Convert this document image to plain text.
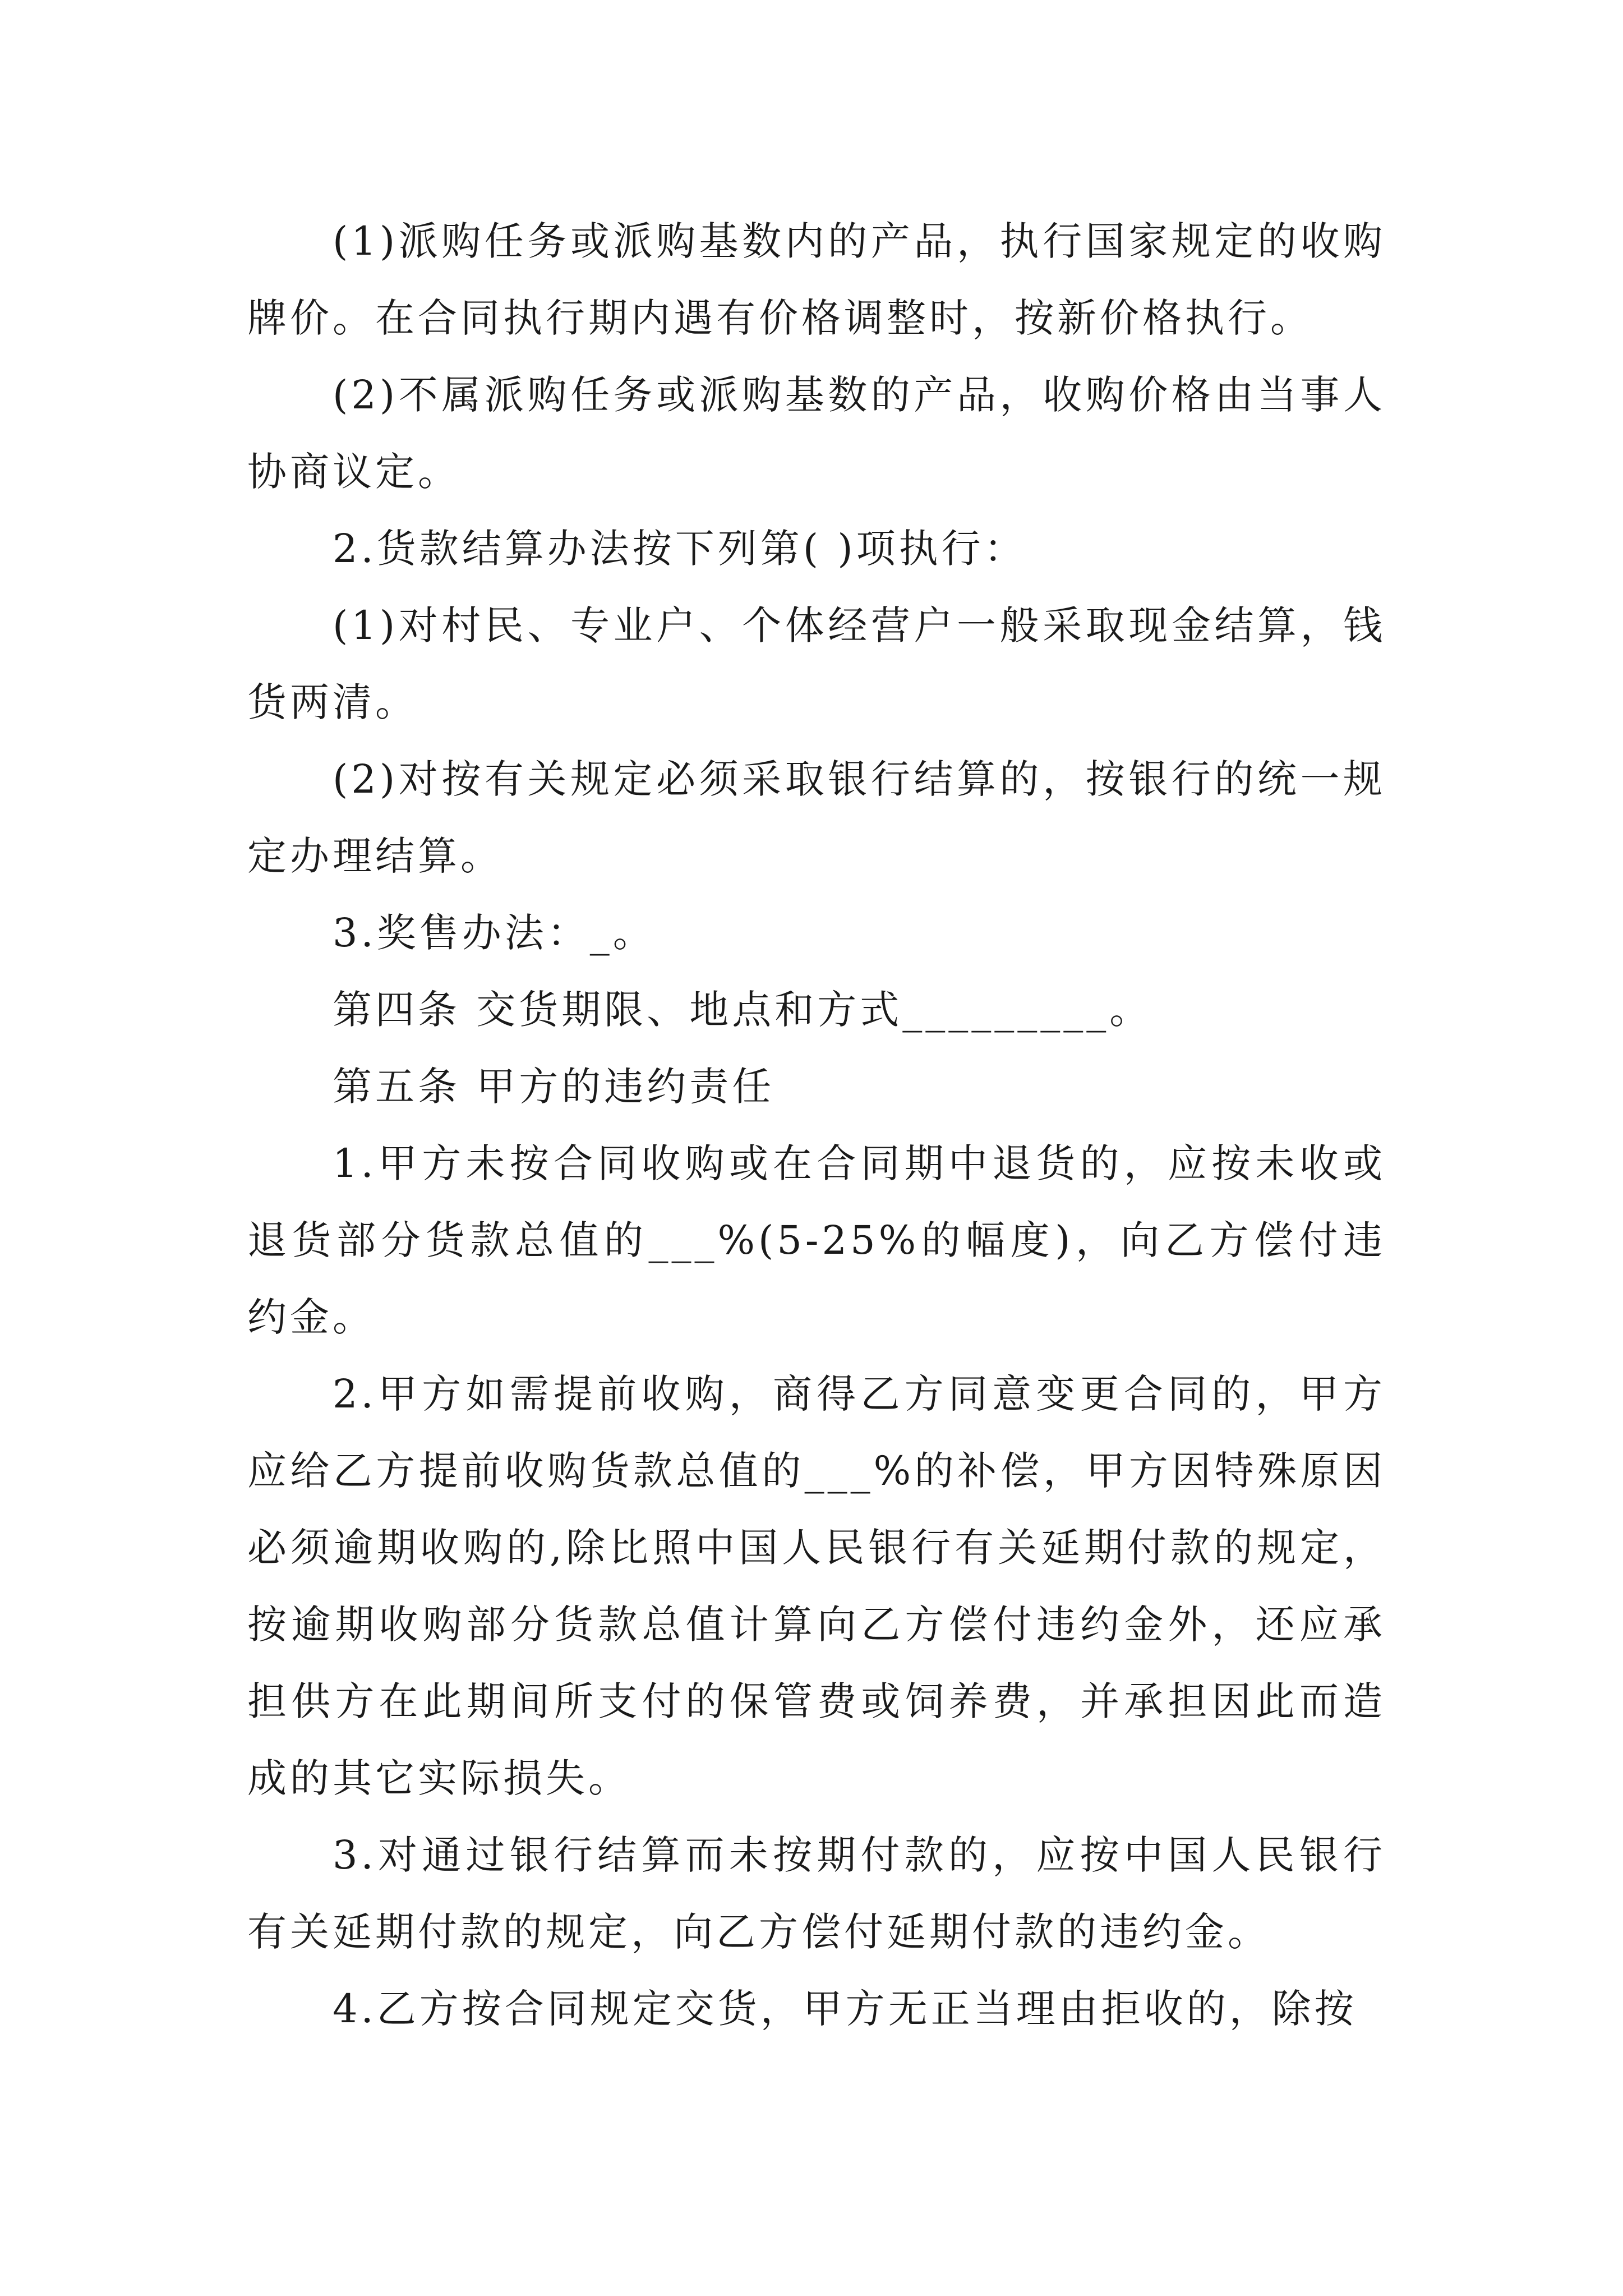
(1)派购任务或派购基数内的产品，执行国家规定的收购牌价。在合同执行期内遇有价格调整时，按新价格执行。

(2)不属派购任务或派购基数的产品，收购价格由当事人协商议定。

2.货款结算办法按下列第( )项执行：

(1)对村民、专业户、个体经营户一般采取现金结算，钱货两清。

(2)对按有关规定必须采取银行结算的，按银行的统一规定办理结算。

3.奖售办法：_。

第四条 交货期限、地点和方式_________。

第五条 甲方的违约责任

1.甲方未按合同收购或在合同期中退货的，应按未收或退货部分货款总值的___%(5-25%的幅度)，向乙方偿付违约金。

2.甲方如需提前收购，商得乙方同意变更合同的，甲方应给乙方提前收购货款总值的___%的补偿，甲方因特殊原因必须逾期收购的,除比照中国人民银行有关延期付款的规定，按逾期收购部分货款总值计算向乙方偿付违约金外，还应承担供方在此期间所支付的保管费或饲养费，并承担因此而造成的其它实际损失。

3.对通过银行结算而未按期付款的，应按中国人民银行有关延期付款的规定，向乙方偿付延期付款的违约金。

4.乙方按合同规定交货，甲方无正当理由拒收的，除按
